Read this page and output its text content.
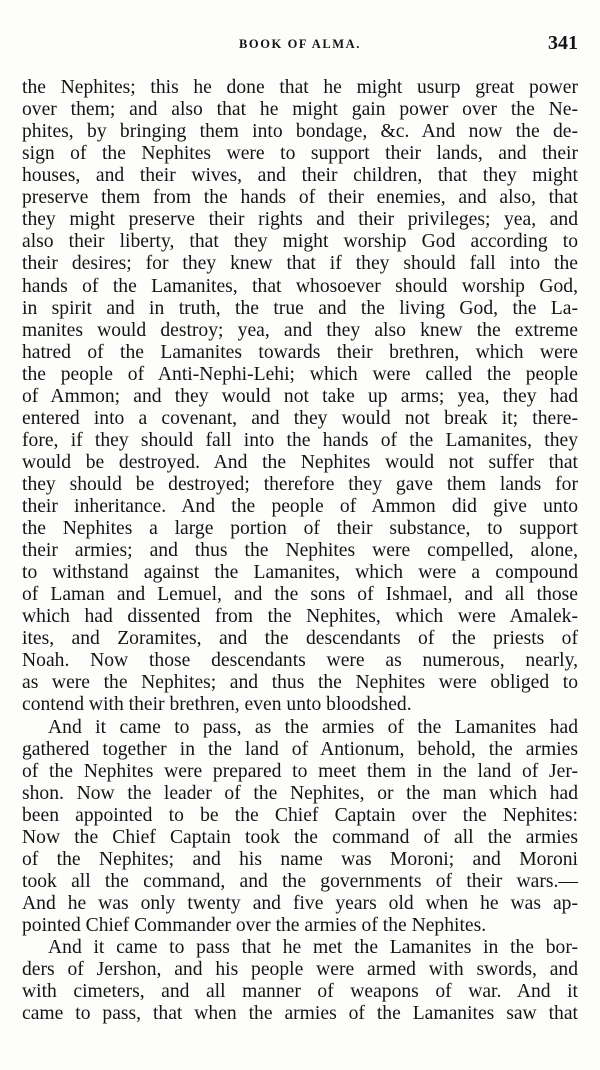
BOOK OF ALMA.	341
the Nephites; this he done that he might usurp great power
over them; and also that he might gain power over the Ne-
phites, by bringing them into bondage, &c. And now the de-
sign of the Nephites were to support their lands, and their
houses, and their wives, and their children, that they might
preserve them from the hands of their enemies, and also, that
they might preserve their rights and their privileges; yea, and
also their liberty, that they might worship God according to
their desires; for they knew that if they should fall into the
hands of the Lamanites, that whosoever should worship God,
in spirit and in truth, the true and the living God, the La-
manites would destroy; yea, and they also knew the extreme
hatred of the Lamanites towards their brethren, which were
the people of Anti-Nephi-Lehi; which were called the people
of Ammon; and they would not take up arms; yea, they had
entered into a covenant, and they would not break it; there-
fore, if they should fall into the hands of the Lamanites, they
would be destroyed. And the Nephites would not suffer that
they should be destroyed; therefore they gave them lands for
their inheritance. And the people of Ammon did give unto
the Nephites a large portion of their substance, to support
their armies; and thus the Nephites were compelled, alone,
to withstand against the Lamanites, which were a compound
of Laman and Lemuel, and the sons of Ishmael, and all those
which had dissented from the Nephites, which were Amalek-
ites, and Zoramites, and the descendants of the priests of
Noah. Now those descendants were as numerous, nearly,
as were the Nephites; and thus the Nephites were obliged to
contend with their brethren, even unto bloodshed.
And it came to pass, as the armies of the Lamanites had
gathered together in the land of Antionum, behold, the armies
of the Nephites were prepared to meet them in the land of Jer-
shon. Now the leader of the Nephites, or the man which had
been appointed to be the Chief Captain over the Nephites:
Now the Chief Captain took the command of all the armies
of the Nephites; and his name was Moroni; and Moroni
took all the command, and the governments of their wars.—
And he was only twenty and five years old when he was ap-
pointed Chief Commander over the armies of the Nephites.
And it came to pass that he met the Lamanites in the bor-
ders of Jershon, and his people were armed with swords, and
with cimeters, and all manner of weapons of war. And it
came to pass, that when the armies of the Lamanites saw that
